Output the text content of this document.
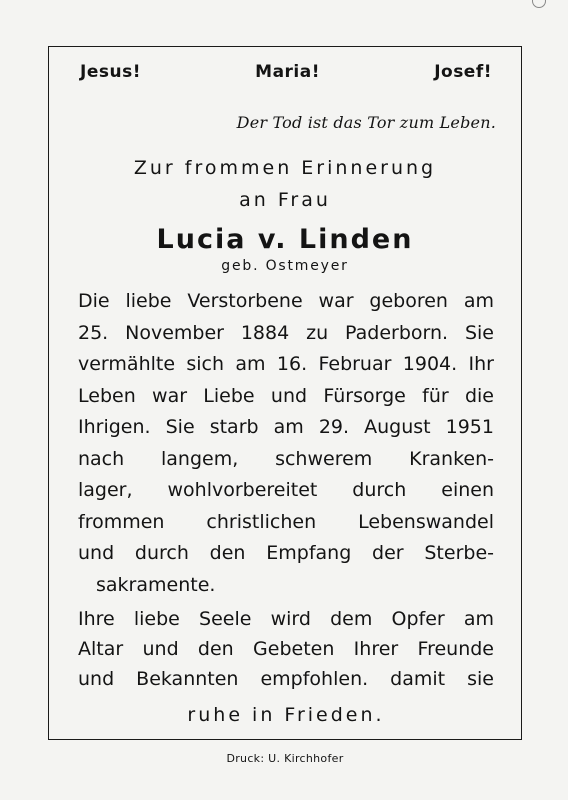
Jesus!	Maria!	Josef!
Der Tod ist das Tor zum Leben.
Zur frommen Erinnerung
an Frau
Lucia v. Linden
geb. Ostmeyer
Die liebe Verstorbene war geboren am
25. November 1884 zu Paderborn. Sie
vermählte sich am 16. Februar 1904. Ihr
Leben war Liebe und Fürsorge für die
Ihrigen. Sie starb am 29. August 1951
nach langem, schwerem Kranken-
lager, wohlvorbereitet durch einen
frommen christlichen Lebenswandel
und durch den Empfang der Sterbe-
sakramente.
Ihre liebe Seele wird dem Opfer am
Altar und den Gebeten Ihrer Freunde
und Bekannten empfohlen. damit sie
ruhe in Frieden.
Druck: U. Kirchhofer
